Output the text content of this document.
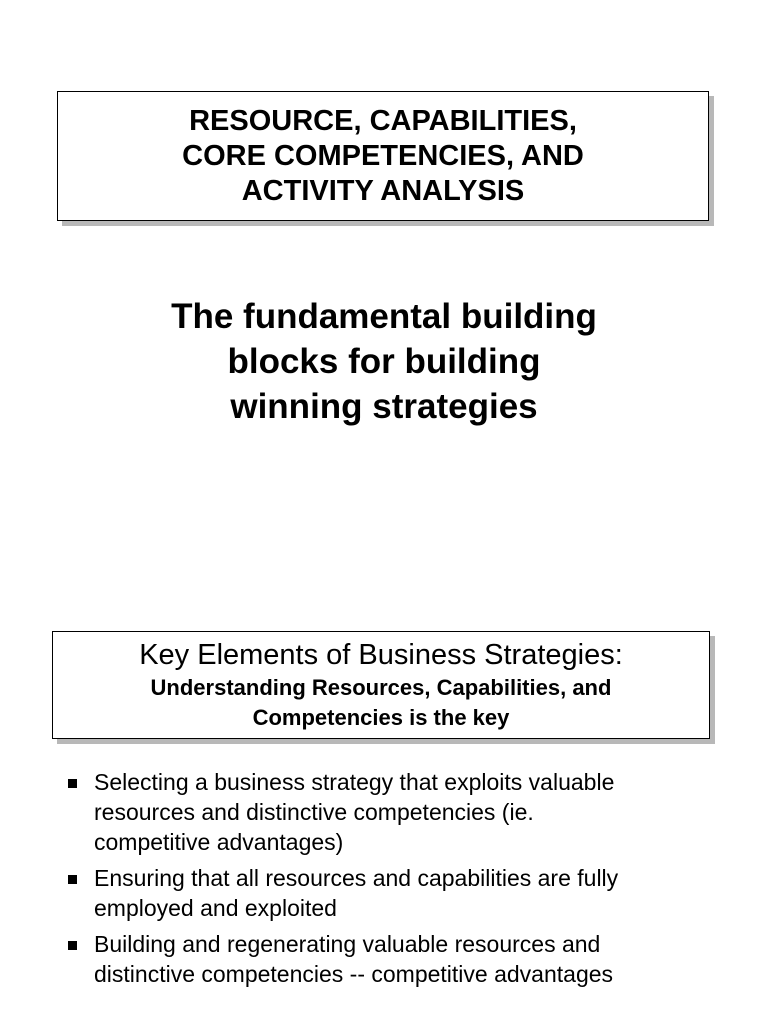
RESOURCE, CAPABILITIES,
CORE COMPETENCIES, AND
ACTIVITY ANALYSIS
The fundamental building
blocks for building
winning strategies
Key Elements of Business Strategies:
Understanding Resources, Capabilities, and
Competencies is the key
Selecting a business strategy that exploits valuable
resources and distinctive competencies (ie.
competitive advantages)
Ensuring that all resources and capabilities are fully
employed and exploited
Building and regenerating valuable resources and
distinctive competencies -- competitive advantages
